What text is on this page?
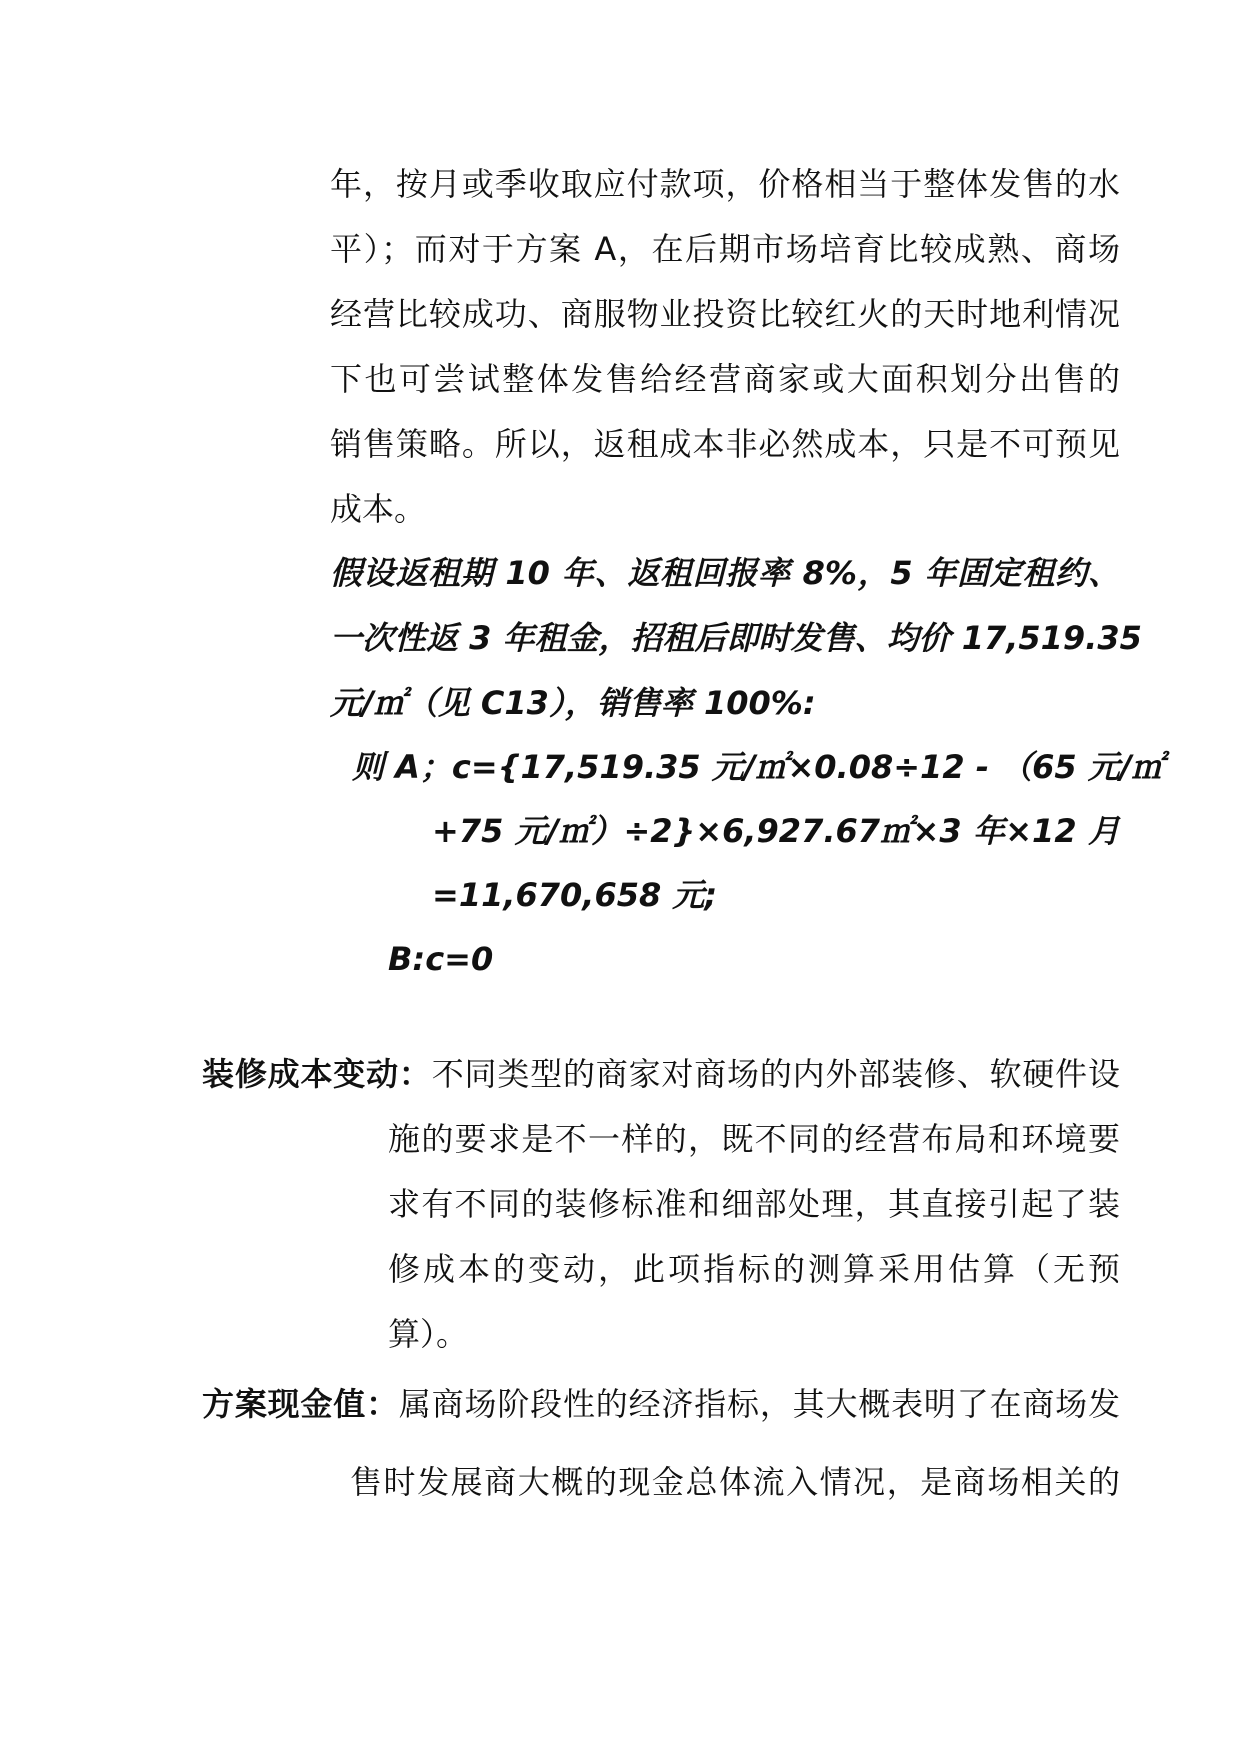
年，按月或季收取应付款项，价格相当于整体发售的水
平）；而对于方案 A，在后期市场培育比较成熟、商场
经营比较成功、商服物业投资比较红火的天时地利情况
下也可尝试整体发售给经营商家或大面积划分出售的
销售策略。所以，返租成本非必然成本，只是不可预见
成本。
假设返租期 10 年、返租回报率 8%，5 年固定租约、
一次性返 3 年租金，招租后即时发售、均价 17,519.35
元/㎡（见 C13），销售率 100%:
则 A；c={17,519.35 元/㎡×0.08÷12 - （65 元/㎡
+75 元/㎡）÷2}×6,927.67㎡×3 年×12 月
=11,670,658 元;
B:c=0
装修成本变动：不同类型的商家对商场的内外部装修、软硬件设
施的要求是不一样的，既不同的经营布局和环境要
求有不同的装修标准和细部处理，其直接引起了装
修成本的变动，此项指标的测算采用估算（无预
算）。
方案现金值：属商场阶段性的经济指标，其大概表明了在商场发
售时发展商大概的现金总体流入情况，是商场相关的
